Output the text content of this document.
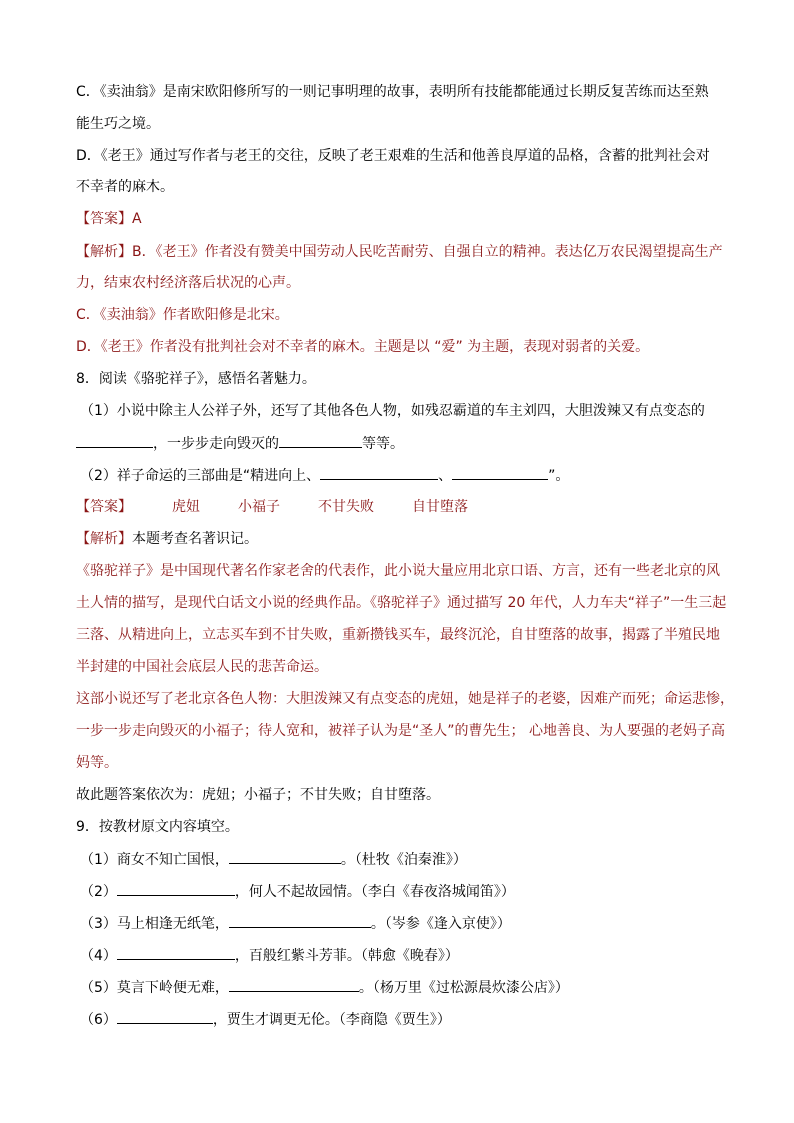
C．《卖油翁》是南宋欧阳修所写的一则记事明理的故事，表明所有技能都能通过长期反复苦练而达至熟
能生巧之境。
D．《老王》通过写作者与老王的交往，反映了老王艰难的生活和他善良厚道的品格，含蓄的批判社会对
不幸者的麻木。
【答案】A
【解析】B．《老王》作者没有赞美中国劳动人民吃苦耐劳、自强自立的精神。表达亿万农民渴望提高生产
力，结束农村经济落后状况的心声。
C．《卖油翁》作者欧阳修是北宋。
D．《老王》作者没有批判社会对不幸者的麻木。主题是以 “爱” 为主题，表现对弱者的关爱。
8．阅读《骆驼祥子》，感悟名著魅力。
（1）小说中除主人公祥子外，还写了其他各色人物，如残忍霸道的车主刘四，大胆泼辣又有点变态的
，一步步走向毁灭的	等等。
（2）祥子命运的三部曲是“精进向上、	、	”。
【答案】	虎妞	小福子	不甘失败	自甘堕落
【解析】本题考查名著识记。
《骆驼祥子》是中国现代著名作家老舍的代表作，此小说大量应用北京口语、方言，还有一些老北京的风
土人情的描写，是现代白话文小说的经典作品。《骆驼祥子》通过描写 20 年代，人力车夫“祥子”一生三起
三落、从精进向上，立志买车到不甘失败，重新攒钱买车，最终沉沦，自甘堕落的故事，揭露了半殖民地
半封建的中国社会底层人民的悲苦命运。
这部小说还写了老北京各色人物：大胆泼辣又有点变态的虎妞，她是祥子的老婆，因难产而死；命运悲惨，
一步一步走向毁灭的小福子；待人宽和，被祥子认为是“圣人”的曹先生； 心地善良、为人要强的老妈子高
妈等。
故此题答案依次为：虎妞；小福子；不甘失败；自甘堕落。
9．按教材原文内容填空。
（1）商女不知亡国恨，	。（杜牧《泊秦淮》）
（2）	，何人不起故园情。（李白《春夜洛城闻笛》）
（3）马上相逢无纸笔，	。（岑参《逢入京使》）
（4）	，百般红紫斗芳菲。（韩愈《晚春》）
（5）莫言下岭便无难，	。（杨万里《过松源晨炊漆公店》）
（6）	，贾生才调更无伦。（李商隐《贾生》）
